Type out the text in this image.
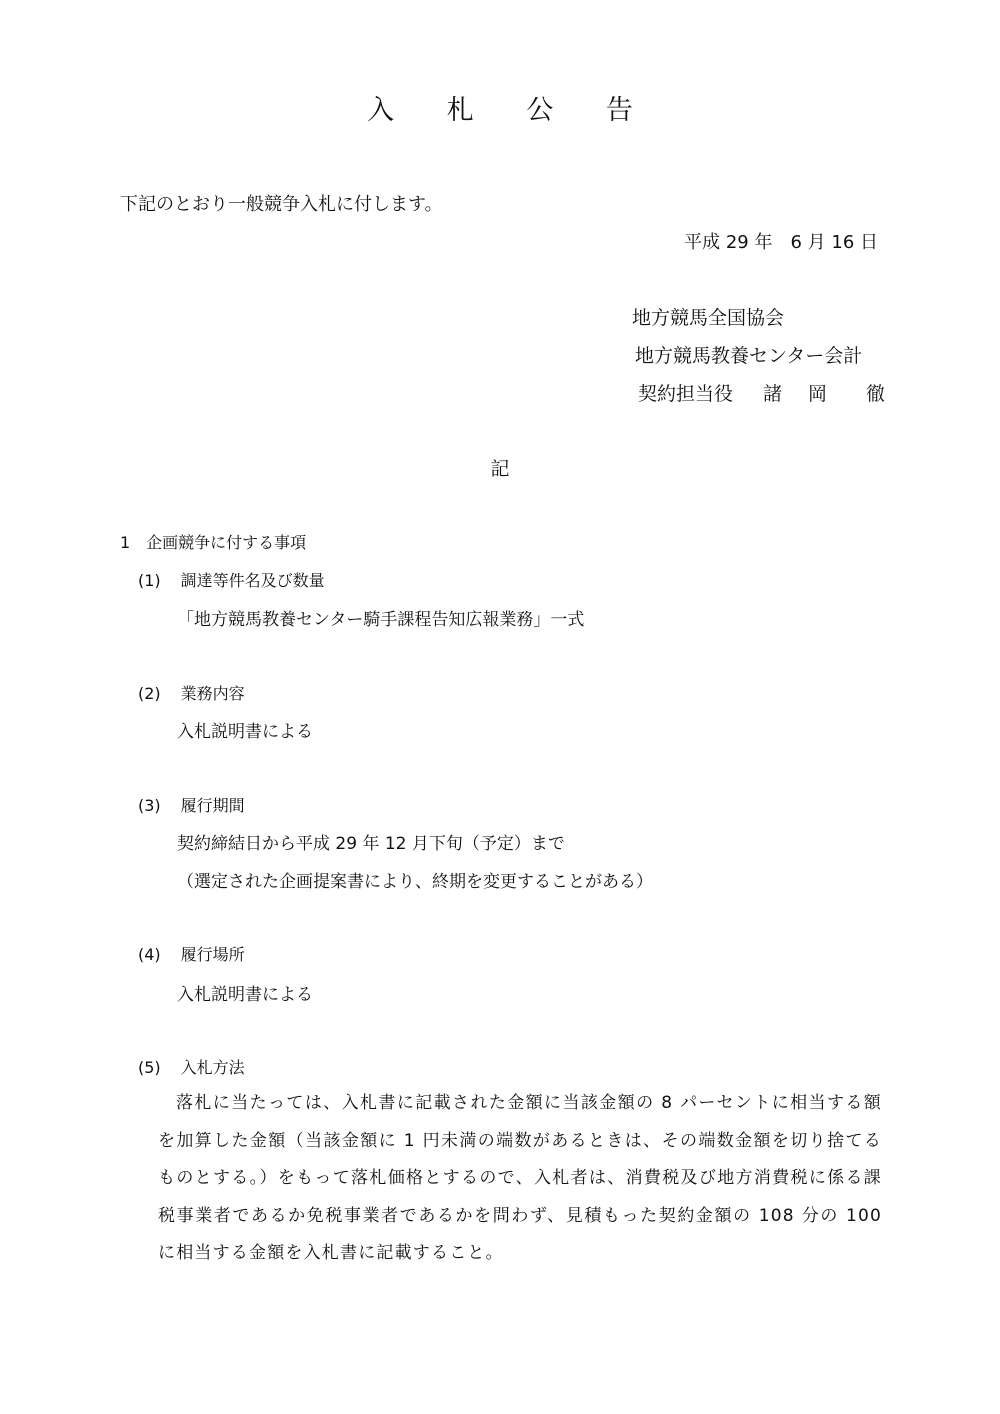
入 札 公 告
下記のとおり一般競争入札に付します。
平成 29 年　6 月 16 日
地方競馬全国協会
地方競馬教養センター会計
契約担当役 諸 岡　徹
記
1　企画競争に付する事項
(1) 調達等件名及び数量
「地方競馬教養センター騎手課程告知広報業務」一式
(2) 業務内容
入札説明書による
(3) 履行期間
契約締結日から平成 29 年 12 月下旬（予定）まで
（選定された企画提案書により、終期を変更することがある）
(4) 履行場所
入札説明書による
(5) 入札方法
落札に当たっては、入札書に記載された金額に当該金額の 8 パーセントに相当する額を加算した金額（当該金額に 1 円未満の端数があるときは、その端数金額を切り捨てるものとする。）をもって落札価格とするので、入札者は、消費税及び地方消費税に係る課税事業者であるか免税事業者であるかを問わず、見積もった契約金額の 108 分の 100 に相当する金額を入札書に記載すること。
